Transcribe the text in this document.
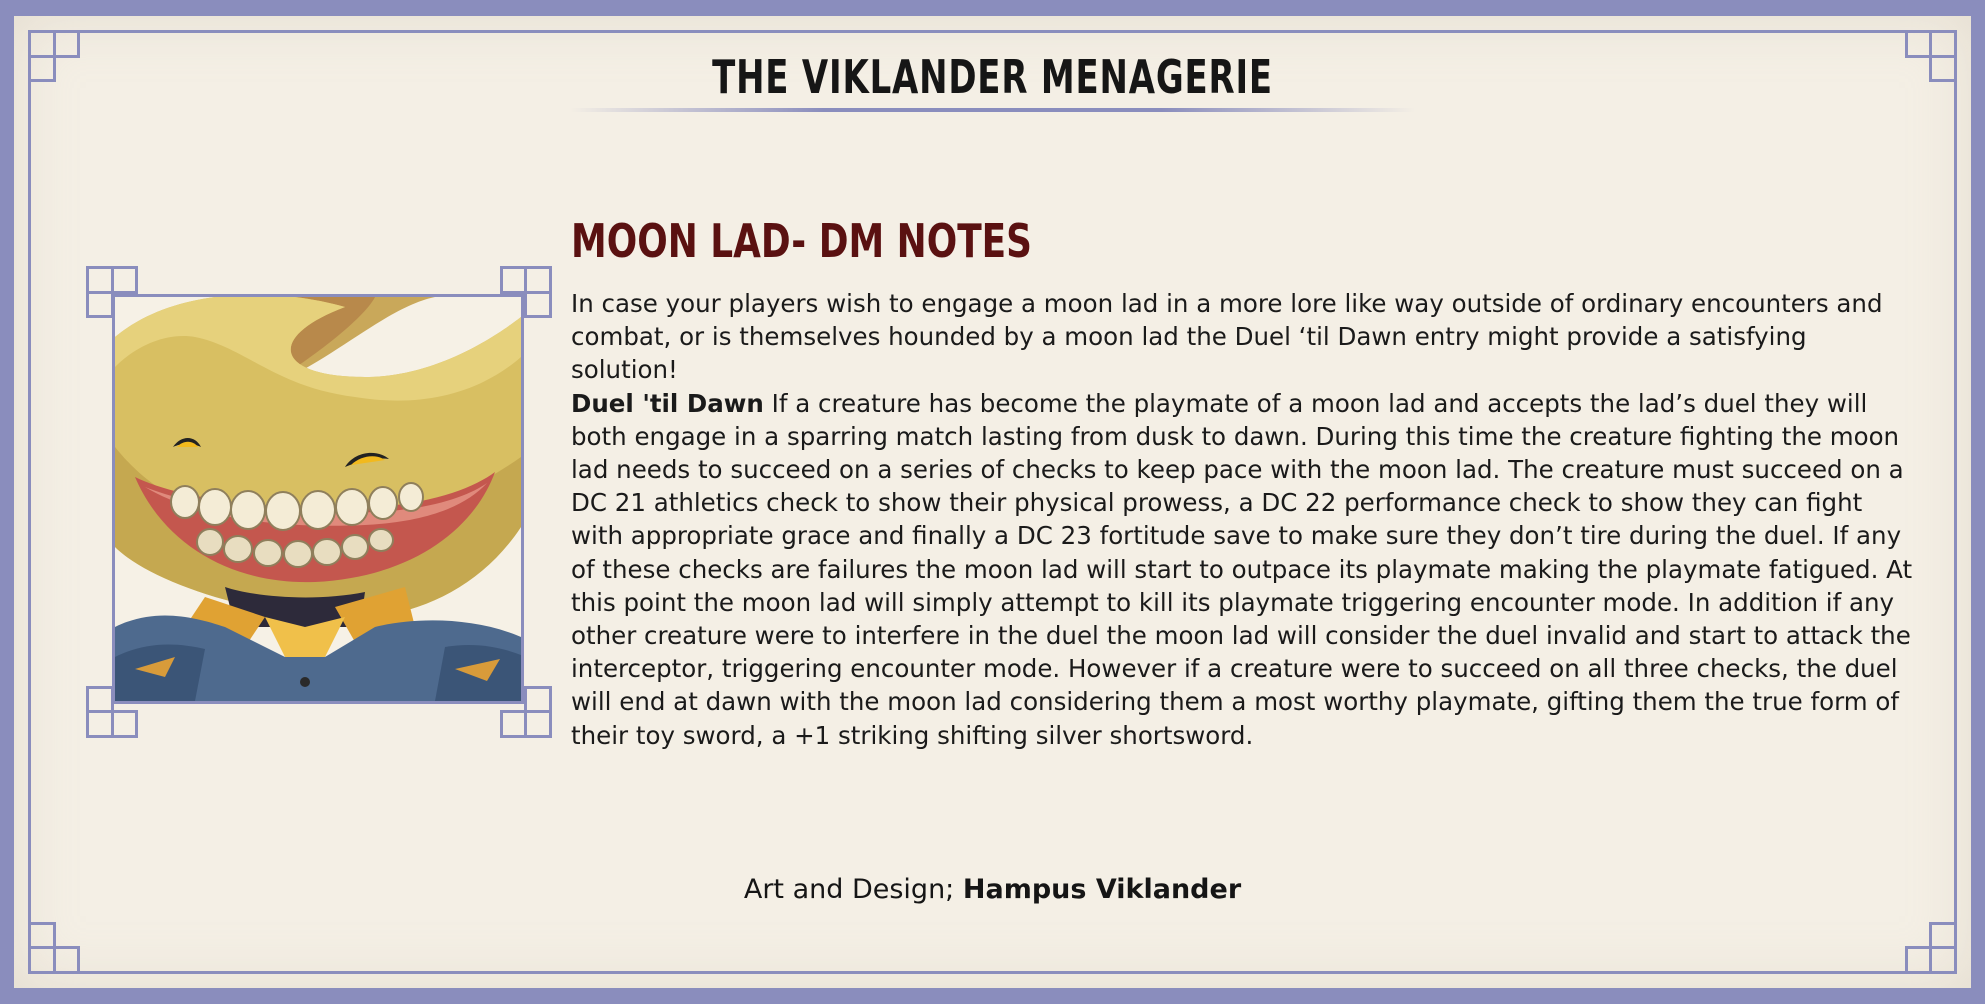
THE VIKLANDER MENAGERIE
MOON LAD- DM NOTES

In case your players wish to engage a moon lad in a more lore like way outside of ordinary encounters and combat, or is themselves hounded by a moon lad the Duel ‘til Dawn entry might provide a satisfying solution!

Duel 'til Dawn If a creature has become the playmate of a moon lad and accepts the lad’s duel they will both engage in a sparring match lasting from dusk to dawn. During this time the creature fighting the moon lad needs to succeed on a series of checks to keep pace with the moon lad. The creature must succeed on a DC 21 athletics check to show their physical prowess, a DC 22 performance check to show they can fight with appropriate grace and finally a DC 23 fortitude save to make sure they don’t tire during the duel. If any of these checks are failures the moon lad will start to outpace its playmate making the playmate fatigued. At this point the moon lad will simply attempt to kill its playmate triggering encounter mode. In addition if any other creature were to interfere in the duel the moon lad will consider the duel invalid and start to attack the interceptor, triggering encounter mode. However if a creature were to succeed on all three checks, the duel will end at dawn with the moon lad considering them a most worthy playmate, gifting them the true form of their toy sword, a +1 striking shifting silver shortsword.

Art and Design; Hampus Viklander
